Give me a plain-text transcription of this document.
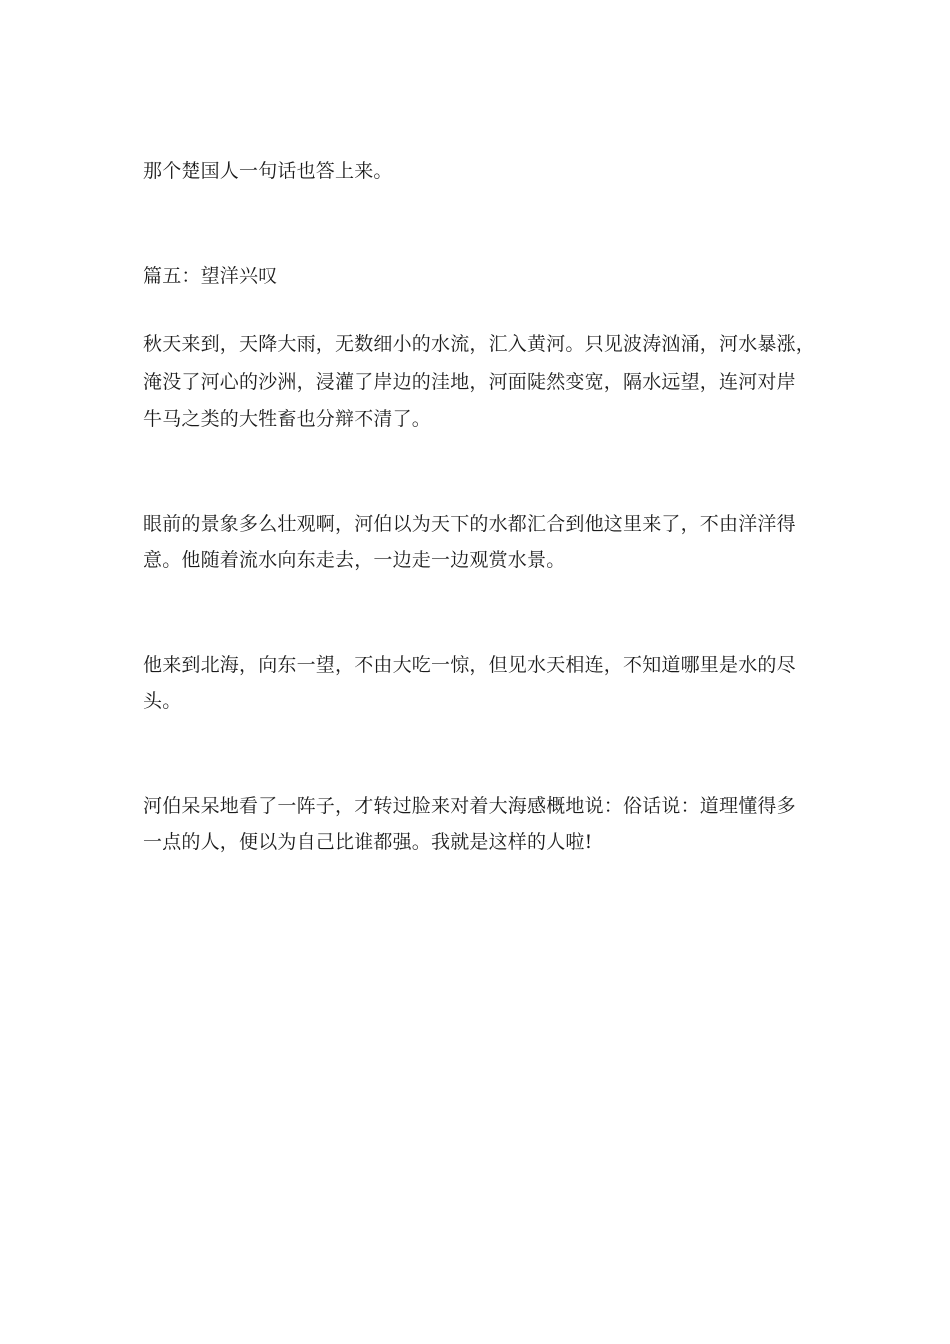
那个楚国人一句话也答上来。

篇五：望洋兴叹

秋天来到，天降大雨，无数细小的水流，汇入黄河。只见波涛汹涌，河水暴涨，

淹没了河心的沙洲，浸灌了岸边的洼地，河面陡然变宽，隔水远望，连河对岸

牛马之类的大牲畜也分辩不清了。

眼前的景象多么壮观啊，河伯以为天下的水都汇合到他这里来了，不由洋洋得

意。他随着流水向东走去，一边走一边观赏水景。

他来到北海，向东一望，不由大吃一惊，但见水天相连，不知道哪里是水的尽

头。

河伯呆呆地看了一阵子，才转过脸来对着大海感概地说：俗话说：道理懂得多

一点的人，便以为自己比谁都强。我就是这样的人啦!
